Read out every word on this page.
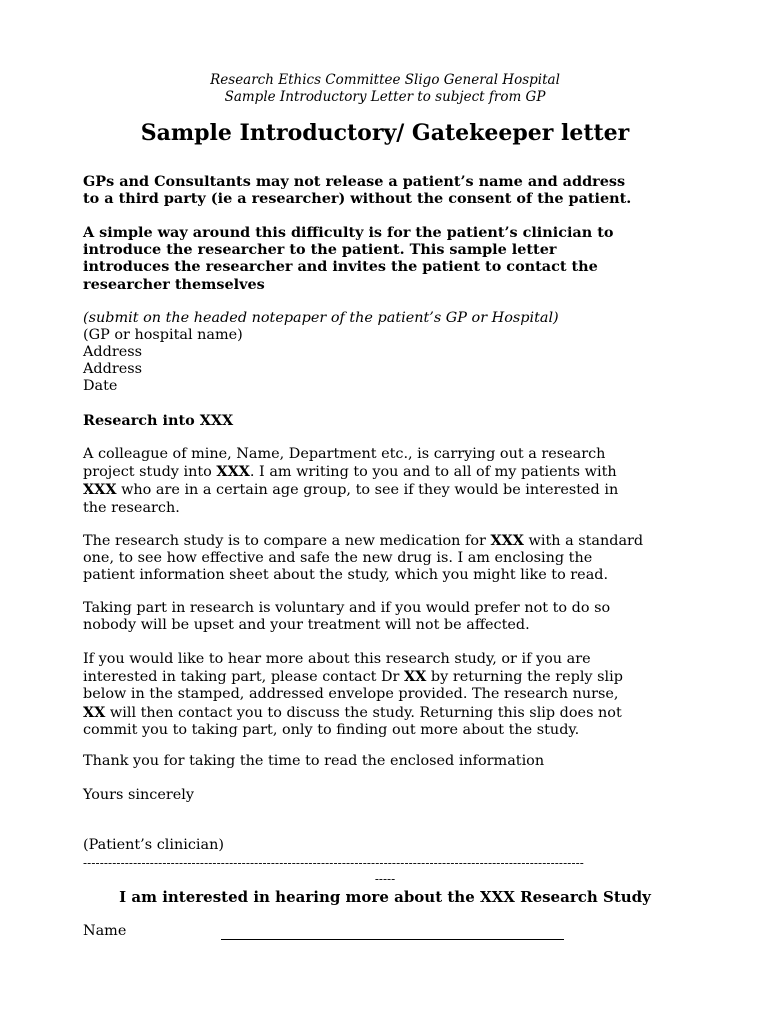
Research Ethics Committee Sligo General Hospital
Sample Introductory Letter to subject from GP
Sample Introductory/ Gatekeeper letter

GPs and Consultants may not release a patient’s name and address
to a third party (ie a researcher) without the consent of the patient.

A simple way around this difficulty is for the patient’s clinician to
introduce the researcher to the patient. This sample letter
introduces the researcher and invites the patient to contact the
researcher themselves

(submit on the headed notepaper of the patient’s GP or Hospital)
(GP or hospital name)
Address
Address
Date
Research into XXX

A colleague of mine, Name, Department etc., is carrying out a research
project study into XXX. I am writing to you and to all of my patients with
XXX who are in a certain age group, to see if they would be interested in
the research.

The research study is to compare a new medication for XXX with a standard
one, to see how effective and safe the new drug is. I am enclosing the
patient information sheet about the study, which you might like to read.

Taking part in research is voluntary and if you would prefer not to do so
nobody will be upset and your treatment will not be affected.

If you would like to hear more about this research study, or if you are
interested in taking part, please contact Dr XX by returning the reply slip
below in the stamped, addressed envelope provided. The research nurse,
XX will then contact you to discuss the study. Returning this slip does not
commit you to taking part, only to finding out more about the study.

Thank you for taking the time to read the enclosed information
Yours sincerely
(Patient’s clinician)
------------------------------------------------------------------------------------------------------------------------
-----
I am interested in hearing more about the XXX Research Study
Name
